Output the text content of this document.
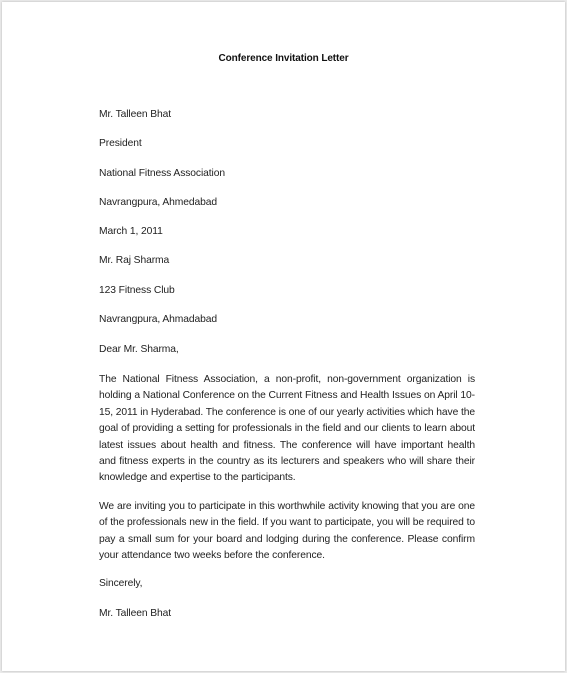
Conference Invitation Letter
Mr. Talleen Bhat
President
National Fitness Association
Navrangpura, Ahmedabad
March 1, 2011
Mr. Raj Sharma
123 Fitness Club
Navrangpura, Ahmadabad
Dear Mr. Sharma,
The National Fitness Association, a non-profit, non-government organization is holding a National Conference on the Current Fitness and Health Issues on April 10-15, 2011 in Hyderabad. The conference is one of our yearly activities which have the goal of providing a setting for professionals in the field and our clients to learn about latest issues about health and fitness. The conference will have important health and fitness experts in the country as its lecturers and speakers who will share their knowledge and expertise to the participants.
We are inviting you to participate in this worthwhile activity knowing that you are one of the professionals new in the field. If you want to participate, you will be required to pay a small sum for your board and lodging during the conference. Please confirm your attendance two weeks before the conference.
Sincerely,
Mr. Talleen Bhat
